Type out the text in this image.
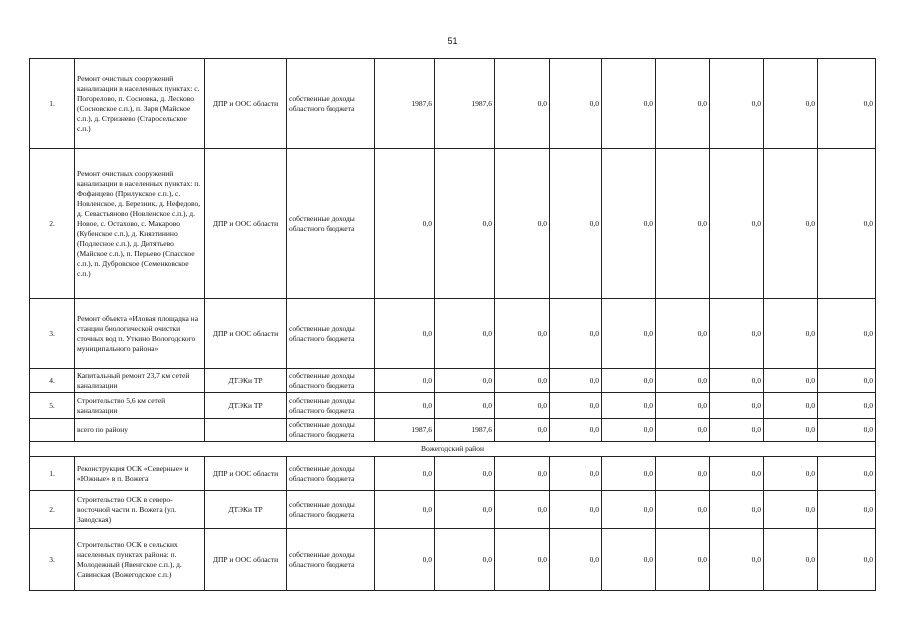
51
1.	Ремонт очистных сооружений канализации в населенных пунктах: с. Погорелово, п. Сосновка, д. Лесково (Сосновское с.п.), п. Заря (Майское с.п.), д. Стризнево (Старосельское с.п.)	ДПР и ООС области	собственные доходы областного бюджета	1987,6	1987,6	0,0	0,0	0,0	0,0	0,0	0,0	0,0
2.	Ремонт очистных сооружений канализации в населенных пунктах: п. Фофанцево (Прилукское с.п.), с. Новленское, д. Березник, д. Нефедово, д. Севастьяново (Новленское с.п.), д. Новое, с. Остахово, с. Макарово (Кубенское с.п.), д. Князтинино (Подлесное с.п.), д. Дитятьево (Майское с.п.), п. Перьево (Спасское с.п.), п. Дубровское (Семенковское с.п.)	ДПР и ООС области	собственные доходы областного бюджета	0,0	0,0	0,0	0,0	0,0	0,0	0,0	0,0	0,0
3.	Ремонт объекта «Иловая площадка на станции биологической очистки сточных вод п. Уткино Вологодского муниципального района»	ДПР и ООС области	собственные доходы областного бюджета	0,0	0,0	0,0	0,0	0,0	0,0	0,0	0,0	0,0
4.	Капитальный ремонт 23,7 км сетей канализации	ДТЭКи ТР	собственные доходы областного бюджета	0,0	0,0	0,0	0,0	0,0	0,0	0,0	0,0	0,0
5.	Строительство 5,6 км сетей канализации	ДТЭКи ТР	собственные доходы областного бюджета	0,0	0,0	0,0	0,0	0,0	0,0	0,0	0,0	0,0
	всего по району		собственные доходы областного бюджета	1987,6	1987,6	0,0	0,0	0,0	0,0	0,0	0,0	0,0
Вожегодский район												
1.	Реконструкция ОСК «Северные» и «Южные» в п. Вожега	ДПР и ООС области	собственные доходы областного бюджета	0,0	0,0	0,0	0,0	0,0	0,0	0,0	0,0	0,0
2.	Строительство ОСК в северо-восточной части п. Вожега (ул. Заводская)	ДТЭКи ТР	собственные доходы областного бюджета	0,0	0,0	0,0	0,0	0,0	0,0	0,0	0,0	0,0
3.	Строительство ОСК в сельских населенных пунктах района: п. Молодежный (Явенгское с.п.), д. Савинская (Вожегодское с.п.)	ДПР и ООС области	собственные доходы областного бюджета	0,0	0,0	0,0	0,0	0,0	0,0	0,0	0,0	0,0
